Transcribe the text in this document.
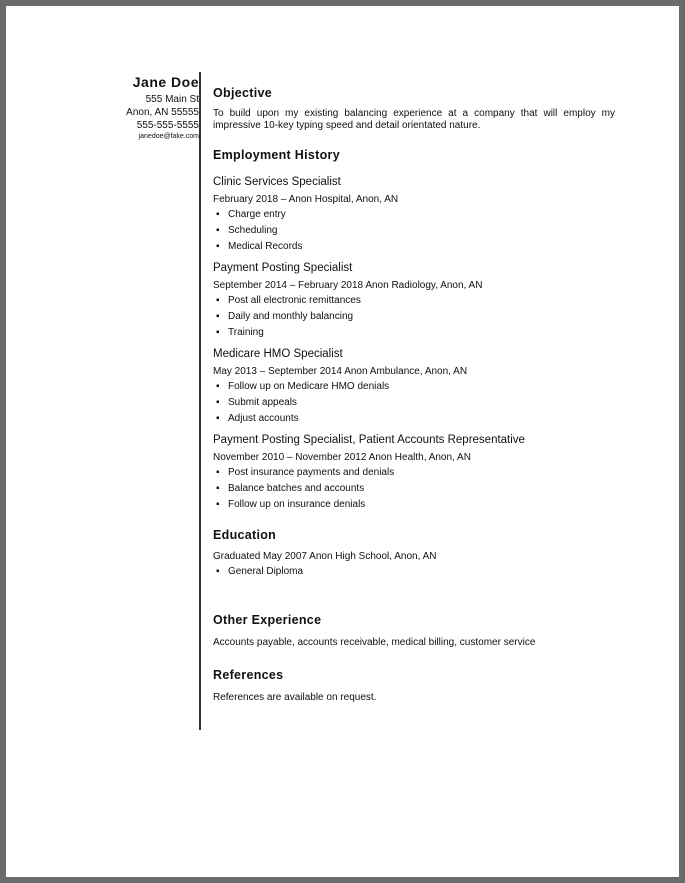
Jane Doe
555 Main St
Anon, AN 55555
555-555-5555
janedoe@fake.com
Objective
To build upon my existing balancing experience at a company that will employ my impressive 10-key typing speed and detail orientated nature.
Employment History
Clinic Services Specialist
February 2018 – Anon Hospital, Anon, AN
▪ Charge entry
▪ Scheduling
▪ Medical Records
Payment Posting Specialist
September 2014 – February 2018 Anon Radiology, Anon, AN
▪ Post all electronic remittances
▪ Daily and monthly balancing
▪ Training
Medicare HMO Specialist
May 2013 – September 2014 Anon Ambulance, Anon, AN
▪ Follow up on Medicare HMO denials
▪ Submit appeals
▪ Adjust accounts
Payment Posting Specialist, Patient Accounts Representative
November 2010 – November 2012 Anon Health, Anon, AN
▪ Post insurance payments and denials
▪ Balance batches and accounts
▪ Follow up on insurance denials
Education
Graduated May 2007 Anon High School, Anon, AN
▪ General Diploma
Other Experience
Accounts payable, accounts receivable, medical billing, customer service
References
References are available on request.
